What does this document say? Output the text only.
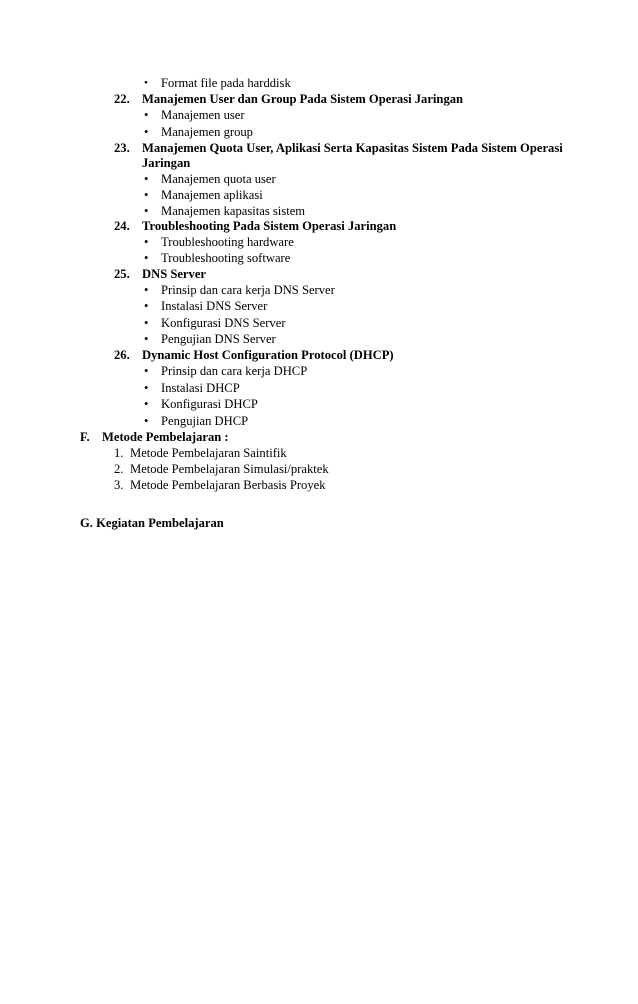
• Format file pada harddisk
22. Manajemen User dan Group Pada Sistem Operasi Jaringan
• Manajemen user
• Manajemen group
23. Manajemen Quota User, Aplikasi Serta Kapasitas Sistem Pada Sistem Operasi
Jaringan
• Manajemen quota user
• Manajemen aplikasi
• Manajemen kapasitas sistem
24. Troubleshooting Pada Sistem Operasi Jaringan
• Troubleshooting hardware
• Troubleshooting software
25. DNS Server
• Prinsip dan cara kerja DNS Server
• Instalasi DNS Server
• Konfigurasi DNS Server
• Pengujian DNS Server
26. Dynamic Host Configuration Protocol (DHCP)
• Prinsip dan cara kerja DHCP
• Instalasi DHCP
• Konfigurasi DHCP
• Pengujian DHCP
F. Metode Pembelajaran :
1. Metode Pembelajaran Saintifik
2. Metode Pembelajaran Simulasi/praktek
3. Metode Pembelajaran Berbasis Proyek
G. Kegiatan Pembelajaran
